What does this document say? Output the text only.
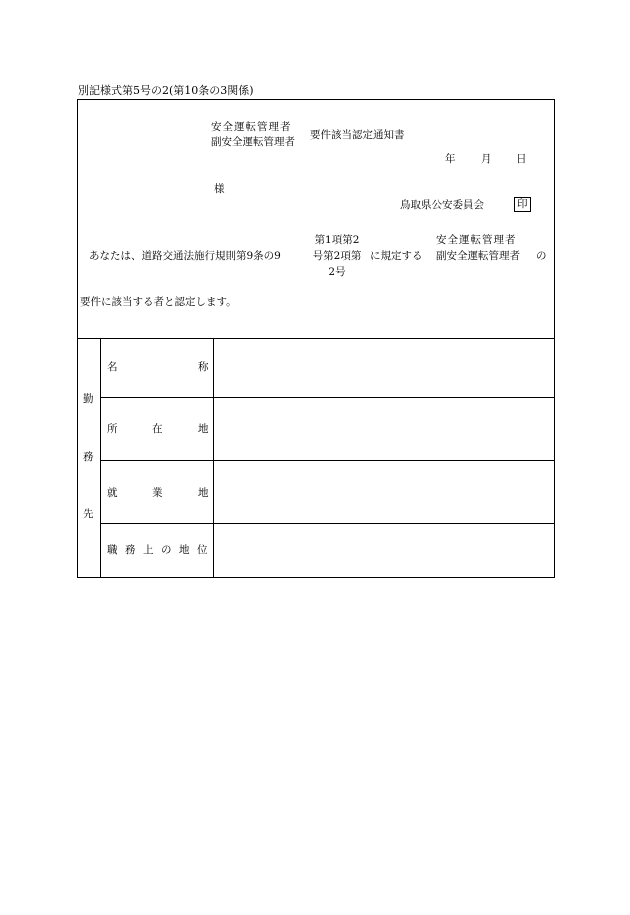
別記様式第5号の2(第10条の3関係)
安全運転管理者
副安全運転管理者
要件該当認定通知書
年 月 日
様
鳥取県公安委員会	印
あなたは、道路交通法施行規則第9条の9
第1項第2
号第2項第
2号
に規定する
安全運転管理者
副安全運転管理者 の
要件に該当する者と認定します。
勤
務
先
名	称
所	在	地
就	業	地
職 務 上 の 地 位
